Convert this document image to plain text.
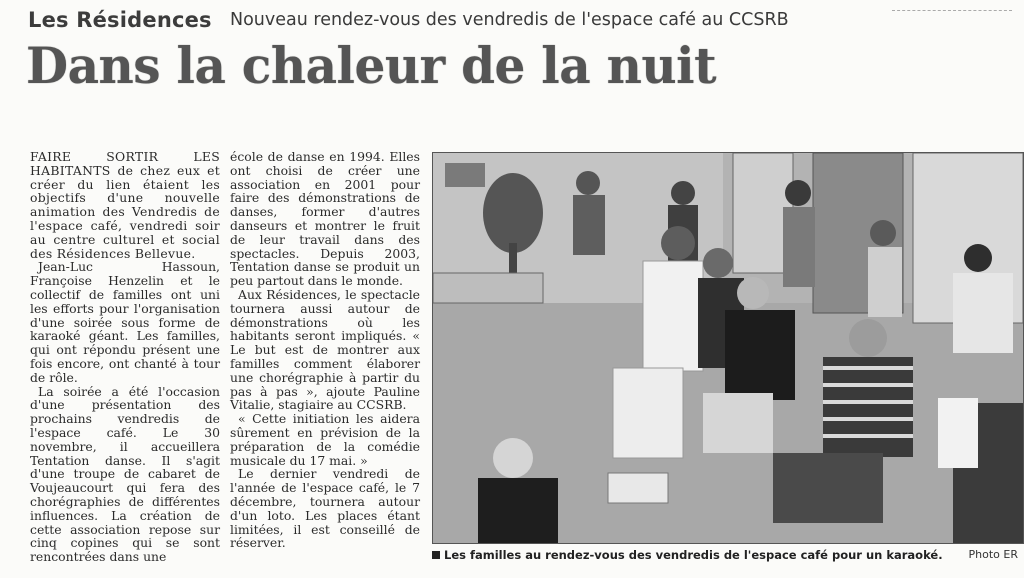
Les Résidences Nouveau rendez-vous des vendredis de l'espace café au CCSRB
Dans la chaleur de la nuit

FAIRE SORTIR LES HABITANTS de chez eux et créer du lien étaient les objectifs d'une nouvelle animation des Vendredis de l'espace café, vendredi soir au centre culturel et social des Résidences Bellevue.

Jean-Luc Hassoun, Françoise Henzelin et le collectif de familles ont uni les efforts pour l'organisation d'une soirée sous forme de karaoké géant. Les familles, qui ont répondu présent une fois encore, ont chanté à tour de rôle.

La soirée a été l'occasion d'une présentation des prochains vendredis de l'espace café. Le 30 novembre, il accueillera Tentation danse. Il s'agit d'une troupe de cabaret de Voujeaucourt qui fera des chorégraphies de différentes influences. La création de cette association repose sur cinq copines qui se sont rencontrées dans une

école de danse en 1994. Elles ont choisi de créer une association en 2001 pour faire des démonstrations de danses, former d'autres danseurs et montrer le fruit de leur travail dans des spectacles. Depuis 2003, Tentation danse se produit un peu partout dans le monde.

Aux Résidences, le spectacle tournera aussi autour de démonstrations où les habitants seront impliqués. « Le but est de montrer aux familles comment élaborer une chorégraphie à partir du pas à pas », ajoute Pauline Vitalie, stagiaire au CCSRB.

« Cette initiation les aidera sûrement en prévision de la préparation de la comédie musicale du 17 mai. »

Le dernier vendredi de l'année de l'espace café, le 7 décembre, tournera autour d'un loto. Les places étant limitées, il est conseillé de réserver.

Les familles au rendez-vous des vendredis de l'espace café pour un karaoké. Photo ER
